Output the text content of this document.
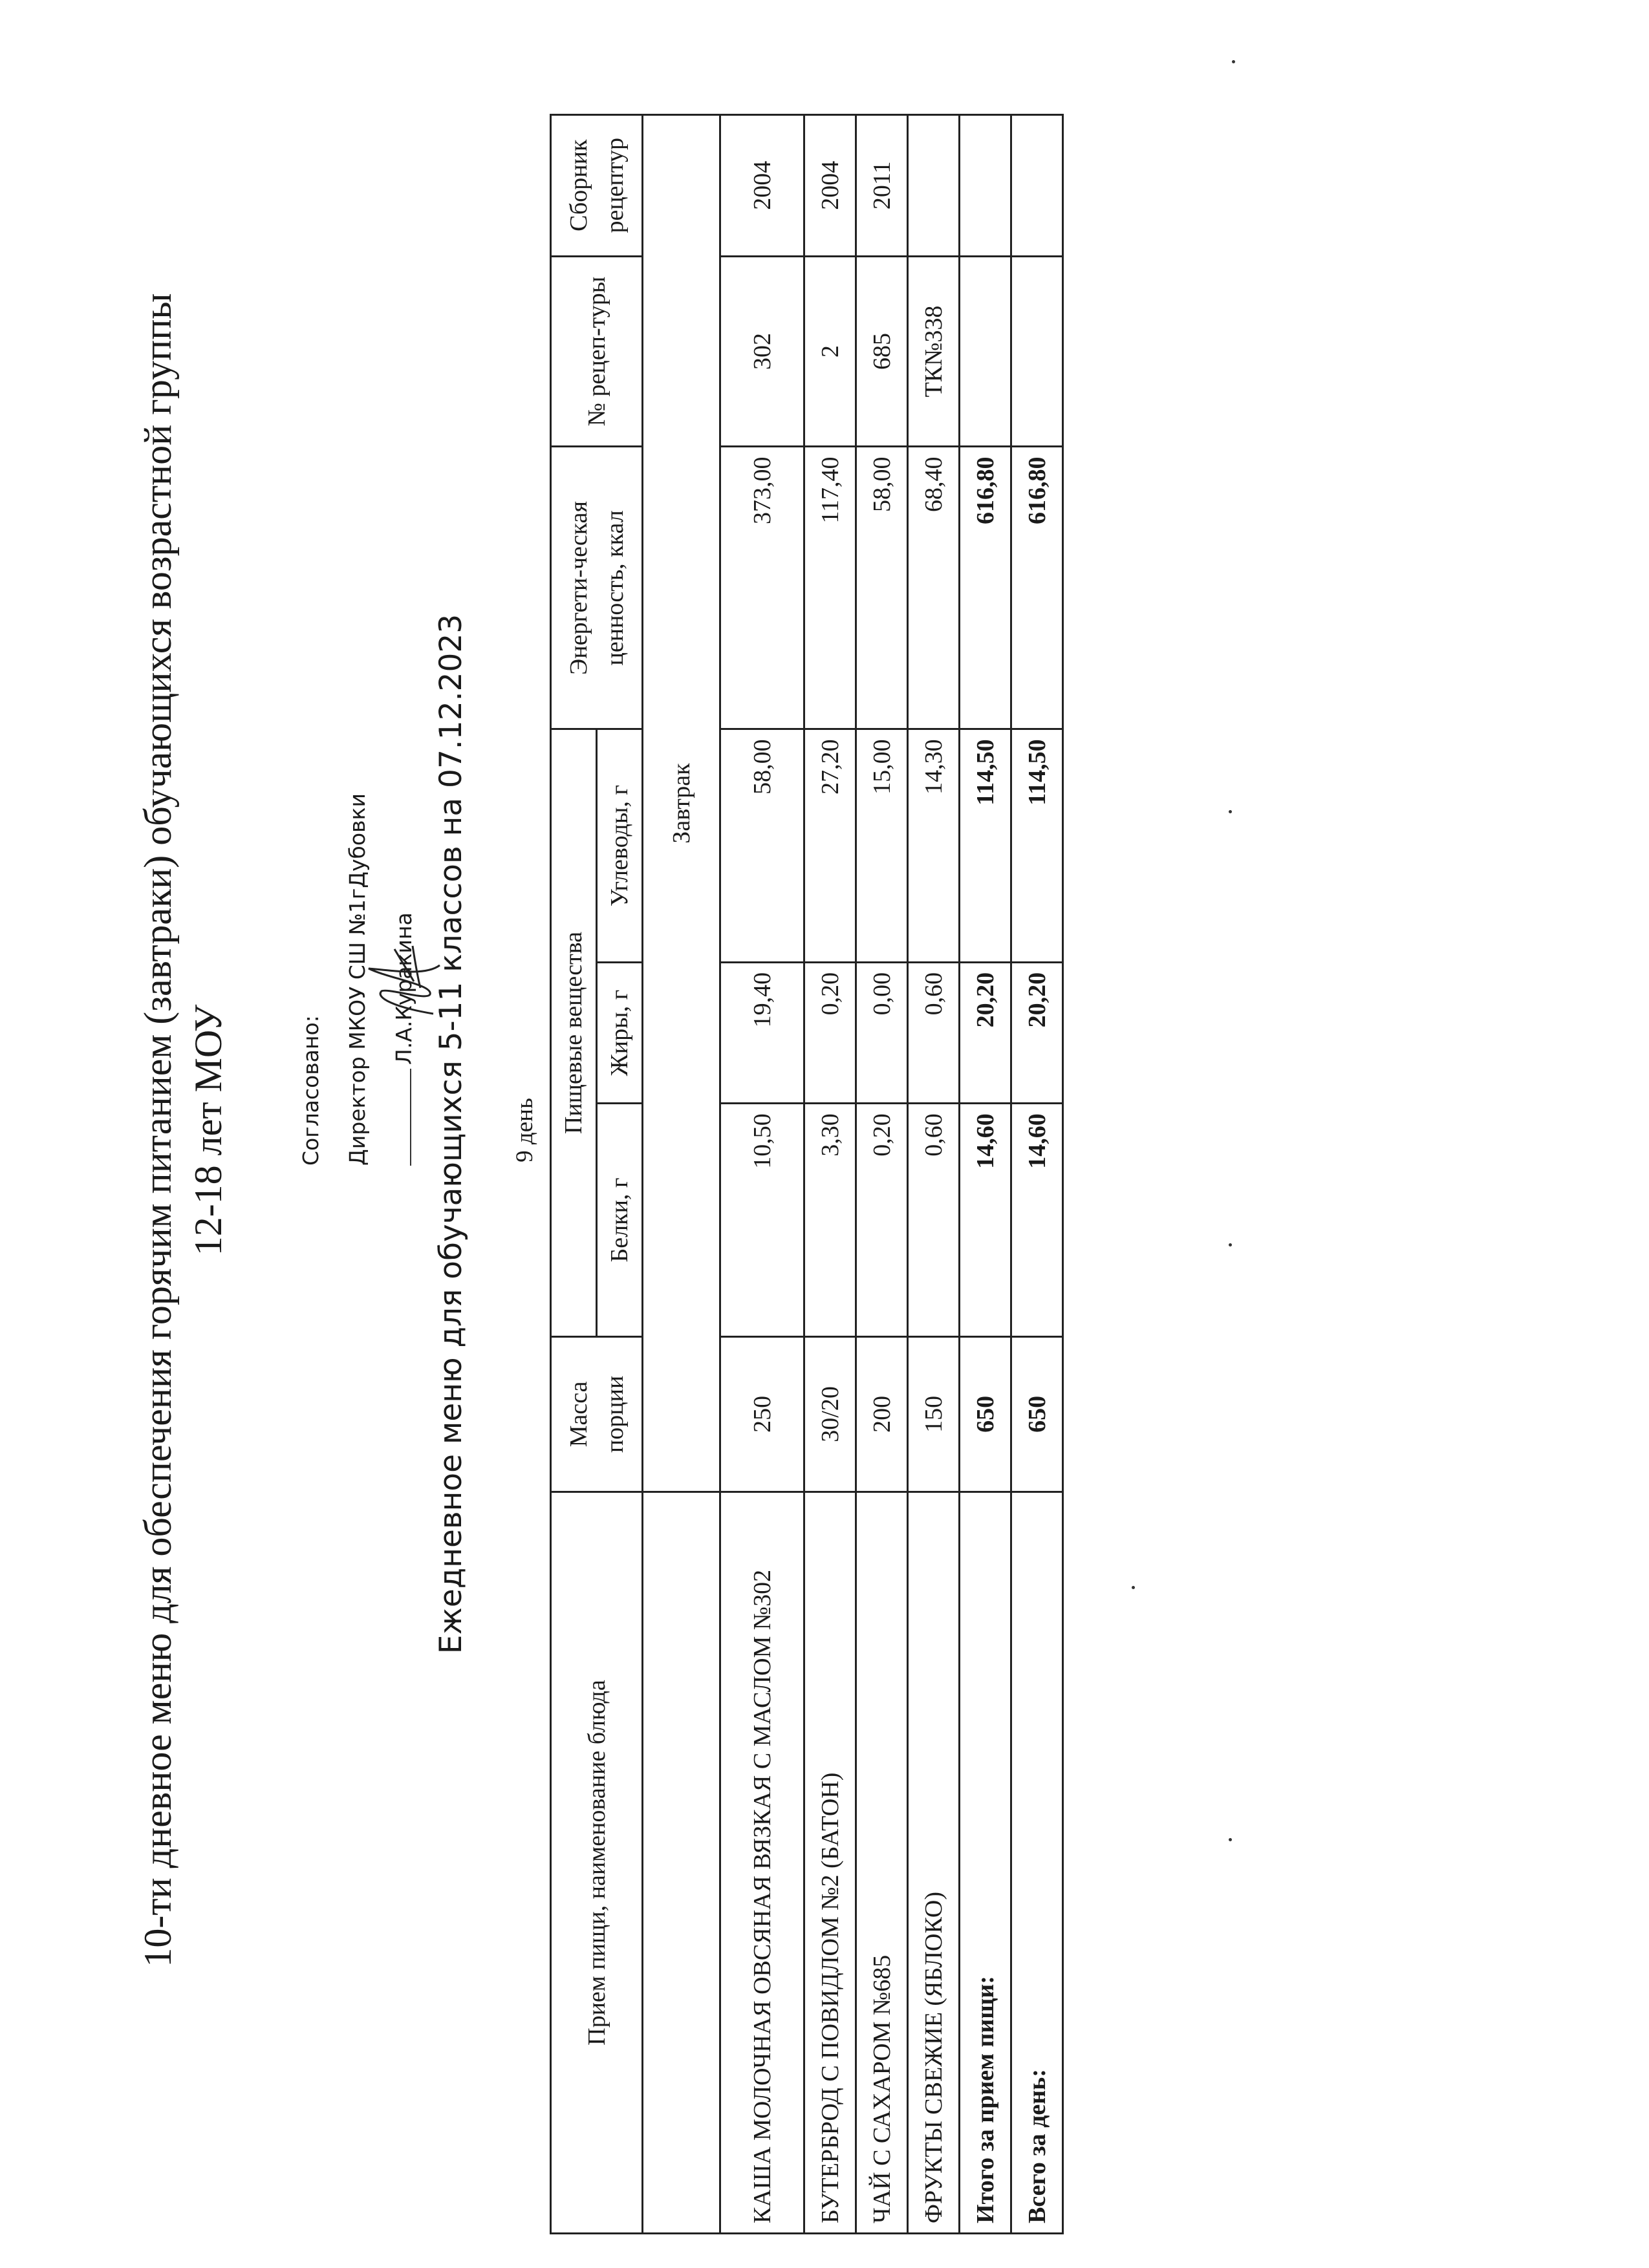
10-ти дневное меню для обеспечения горячим питанием (завтраки) обучающихся возрастной группы 12-18 лет МОУ	Согласовано:	Директор МКОУ СШ №1гДубовки	Л.А.Куракина Ежедневное меню для обучающихся 5-11 классов на 07.12.2023 9 день
Прием пищи, наименование блюда	Масса порции	Пищевые вещества			Энергети-ческая ценность, ккал	№ рецеп-туры	Сборник рецептур
		Белки, г	Жиры, г	Углеводы, г			
	Завтрак						
КАША МОЛОЧНАЯ ОВСЯНАЯ ВЯЗКАЯ С МАСЛОМ №302	250	10,50	19,40	58,00	373,00	302	2004
БУТЕРБРОД С ПОВИДЛОМ №2 (БАТОН)	30/20	3,30	0,20	27,20	117,40	2	2004
ЧАЙ С САХАРОМ №685	200	0,20	0,00	15,00	58,00	685	2011
ФРУКТЫ СВЕЖИЕ (ЯБЛОКО)	150	0,60	0,60	14,30	68,40	ТК№338	
Итого за прием пищи:	650	14,60	20,20	114,50	616,80		
Всего за день:	650	14,60	20,20	114,50	616,80		
